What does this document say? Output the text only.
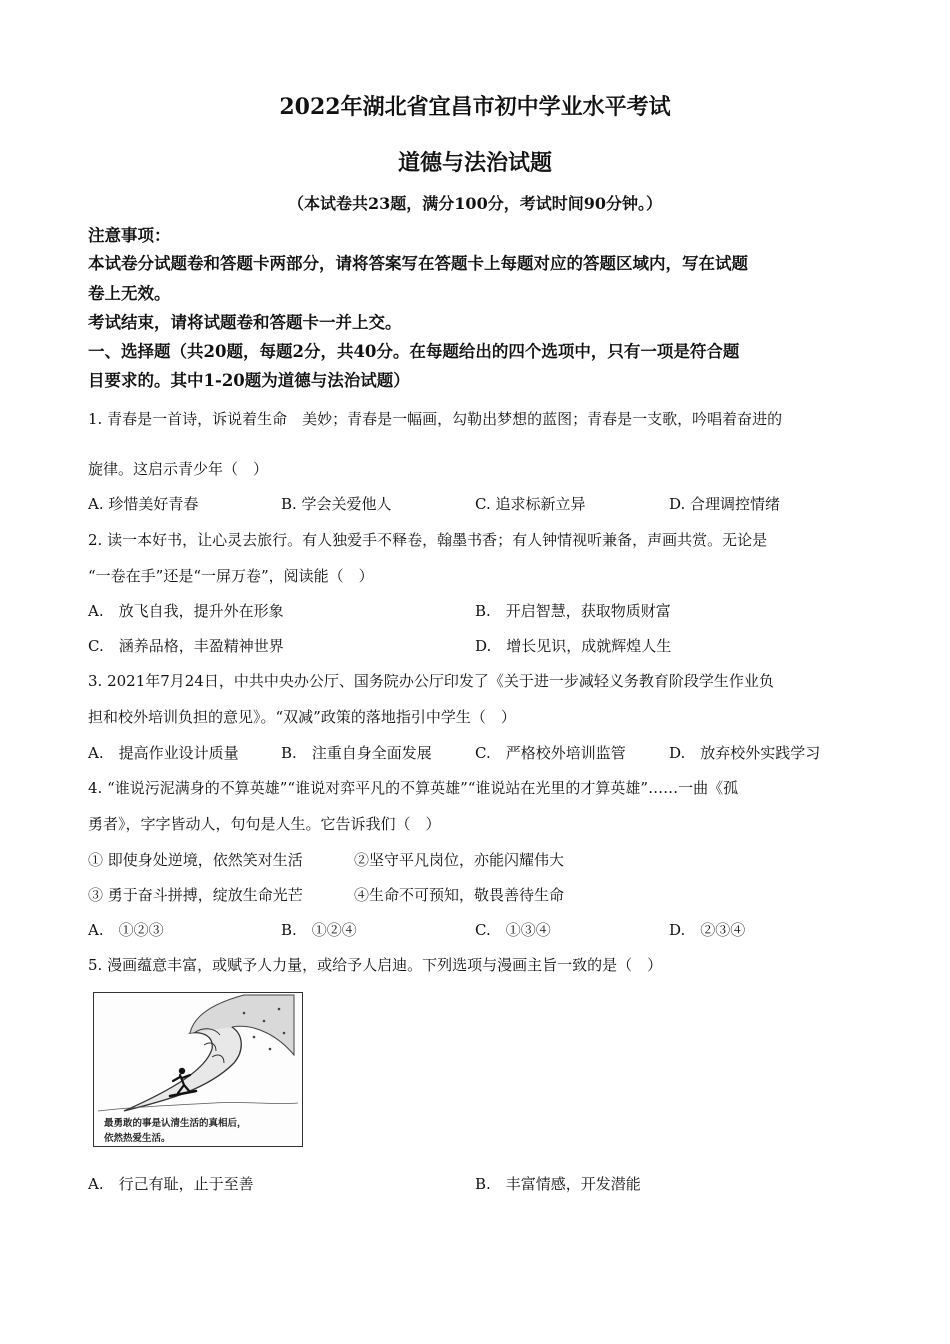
2022年湖北省宜昌市初中学业水平考试
道德与法治试题
（本试卷共23题，满分100分，考试时间90分钟。）
注意事项：
本试卷分试题卷和答题卡两部分，请将答案写在答题卡上每题对应的答题区域内，写在试题
卷上无效。
考试结束，请将试题卷和答题卡一并上交。
一、选择题（共20题，每题2分，共40分。在每题给出的四个选项中，只有一项是符合题
目要求的。其中1-20题为道德与法治试题）
1. 青春是一首诗，诉说着生命　美妙；青春是一幅画，勾勒出梦想的蓝图；青春是一支歌，吟唱着奋进的
旋律。这启示青少年（　）
A. 珍惜美好青春	B. 学会关爱他人	C. 追求标新立异	D. 合理调控情绪
2. 读一本好书，让心灵去旅行。有人独爱手不释卷，翰墨书香；有人钟情视听兼备，声画共赏。无论是
“一卷在手”还是“一屏万卷”，阅读能（　）
A.　放飞自我，提升外在形象	B.　开启智慧，获取物质财富
C.　涵养品格，丰盈精神世界	D.　增长见识，成就辉煌人生
3. 2021年7月24日，中共中央办公厅、国务院办公厅印发了《关于进一步减轻义务教育阶段学生作业负
担和校外培训负担的意见》。“双减”政策的落地指引中学生（　）
A.　提高作业设计质量	B.　注重自身全面发展	C.　严格校外培训监管	D.　放弃校外实践学习
4. “谁说污泥满身的不算英雄”“谁说对弈平凡的不算英雄”“谁说站在光里的才算英雄”……一曲《孤
勇者》，字字皆动人，句句是人生。它告诉我们（　）
① 即使身处逆境，依然笑对生活	②坚守平凡岗位，亦能闪耀伟大
③ 勇于奋斗拼搏，绽放生命光芒	④生命不可预知，敬畏善待生命
A.　①②③	B.　①②④	C.　①③④	D.　②③④
5. 漫画蕴意丰富，或赋予人力量，或给予人启迪。下列选项与漫画主旨一致的是（　）
最勇敢的事是认清生活的真相后，
依然热爱生活。
A.　行己有耻，止于至善	B.　丰富情感，开发潜能
